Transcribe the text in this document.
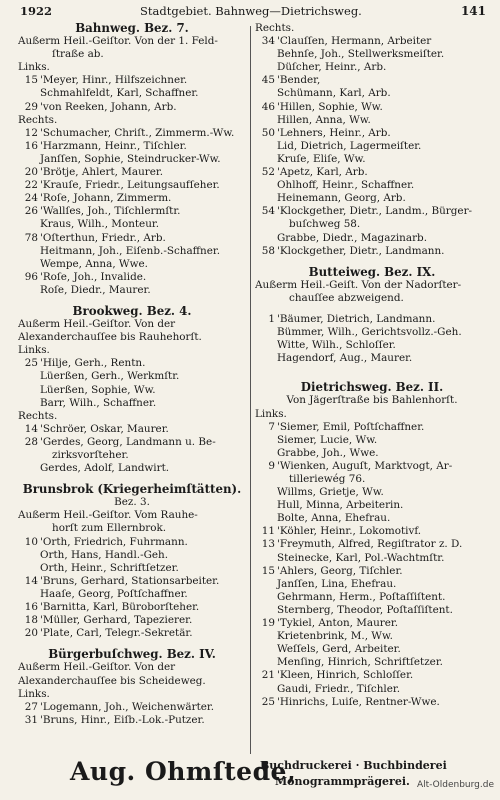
1922	Stadtgebiet. Bahnweg—Dietrichsweg.	141
Bahnweg. Bez. 7.
Außerm Heil.-Geiſtor. Von der 1. Feld-
ſtraße ab.
Links.
15 'Meyer, Hinr., Hilfszeichner.
Schmahlfeldt, Karl, Schaffner.
29 'von Reeken, Johann, Arb.
Rechts.
12 'Schumacher, Chriſt., Zimmerm.-Ww.
16 'Harzmann, Heinr., Tiſchler.
Janſſen, Sophie, Steindrucker-Ww.
20 'Brötje, Ahlert, Maurer.
22 'Krauſe, Friedr., Leitungsaufſeher.
24 'Roſe, Johann, Zimmerm.
26 'Wallſes, Joh., Tiſchlermſtr.
Kraus, Wilh., Monteur.
78 'Oſterthun, Friedr., Arb.
Heitmann, Joh., Eiſenb.-Schaffner.
Wempe, Anna, Wwe.
96 'Roſe, Joh., Invalide.
Roſe, Diedr., Maurer.
Brookweg. Bez. 4.
Außerm Heil.-Geiſtor. Von der
Alexanderchauſſee bis Rauhehorſt.
Links.
25 'Hilje, Gerh., Rentn.
Lüerßen, Gerh., Werkmſtr.
Lüerßen, Sophie, Ww.
Barr, Wilh., Schaffner.
Rechts.
14 'Schröer, Oskar, Maurer.
28 'Gerdes, Georg, Landmann u. Be-
zirksvorſteher.
Gerdes, Adolf, Landwirt.
Brunsbrok (Kriegerheimſtätten).
Bez. 3.
Außerm Heil.-Geiſtor. Vom Rauhe-
horſt zum Ellernbrok.
10 'Orth, Friedrich, Fuhrmann.
Orth, Hans, Handl.-Geh.
Orth, Heinr., Schriftſetzer.
14 'Bruns, Gerhard, Stationsarbeiter.
Haaſe, Georg, Poſtſchaffner.
16 'Barnitta, Karl, Büroborſteher.
18 'Müller, Gerhard, Tapezierer.
20 'Plate, Carl, Telegr.-Sekretär.
Bürgerbuſchweg. Bez. IV.
Außerm Heil.-Geiſtor. Von der
Alexanderchauſſee bis Scheideweg.
Links.
27 'Logemann, Joh., Weichenwärter.
31 'Bruns, Hinr., Eiſb.-Lok.-Putzer.
Rechts.
34 'Clauſſen, Hermann, Arbeiter
Behnſe, Joh., Stellwerksmeiſter.
Düſcher, Heinr., Arb.
45 'Bender,
Schümann, Karl, Arb.
46 'Hillen, Sophie, Ww.
Hillen, Anna, Ww.
50 'Lehners, Heinr., Arb.
Lid, Dietrich, Lagermeiſter.
Kruſe, Eliſe, Ww.
52 'Apetz, Karl, Arb.
Ohlhoff, Heinr., Schaffner.
Heinemann, Georg, Arb.
54 'Klockgether, Dietr., Landm., Bürger-
buſchweg 58.
Grabbe, Diedr., Magazinarb.
58 'Klockgether, Dietr., Landmann.
Butteiweg. Bez. IX.
Außerm Heil.-Geiſt. Von der Nadorſter-
chauſſee abzweigend.
1 'Bäumer, Dietrich, Landmann.
Bümmer, Wilh., Gerichtsvollz.-Geh.
Witte, Wilh., Schloſſer.
Hagendorf, Aug., Maurer.
Dietrichsweg. Bez. II.
Von Jägerſtraße bis Bahlenhorſt.
Links.
7 'Siemer, Emil, Poſtſchaffner.
Siemer, Lucie, Ww.
Grabbe, Joh., Wwe.
9 'Wienken, Auguſt, Marktvogt, Ar-
tilleriewég 76.
Willms, Grietje, Ww.
Hull, Minna, Arbeiterin.
Bolte, Anna, Ehefrau.
11 'Köhler, Heinr., Lokomotivf.
13 'Freymuth, Alfred, Regiſtrator z. D.
Steinecke, Karl, Pol.-Wachtmſtr.
15 'Ahlers, Georg, Tiſchler.
Janſſen, Lina, Ehefrau.
Gehrmann, Herm., Poſtaſſiſtent.
Sternberg, Theodor, Poſtaſſiſtent.
19 'Tykiel, Anton, Maurer.
Krietenbrink, M., Ww.
Weſſels, Gerd, Arbeiter.
Menſing, Hinrich, Schriftſetzer.
21 'Kleen, Hinrich, Schloſſer.
Gaudi, Friedr., Tiſchler.
25 'Hinrichs, Luiſe, Rentner-Wwe.
Aug. Ohmſtede,
Buchdruckerei · Buchbinderei
Monogrammprägerei. Alt-Oldenburg.de
